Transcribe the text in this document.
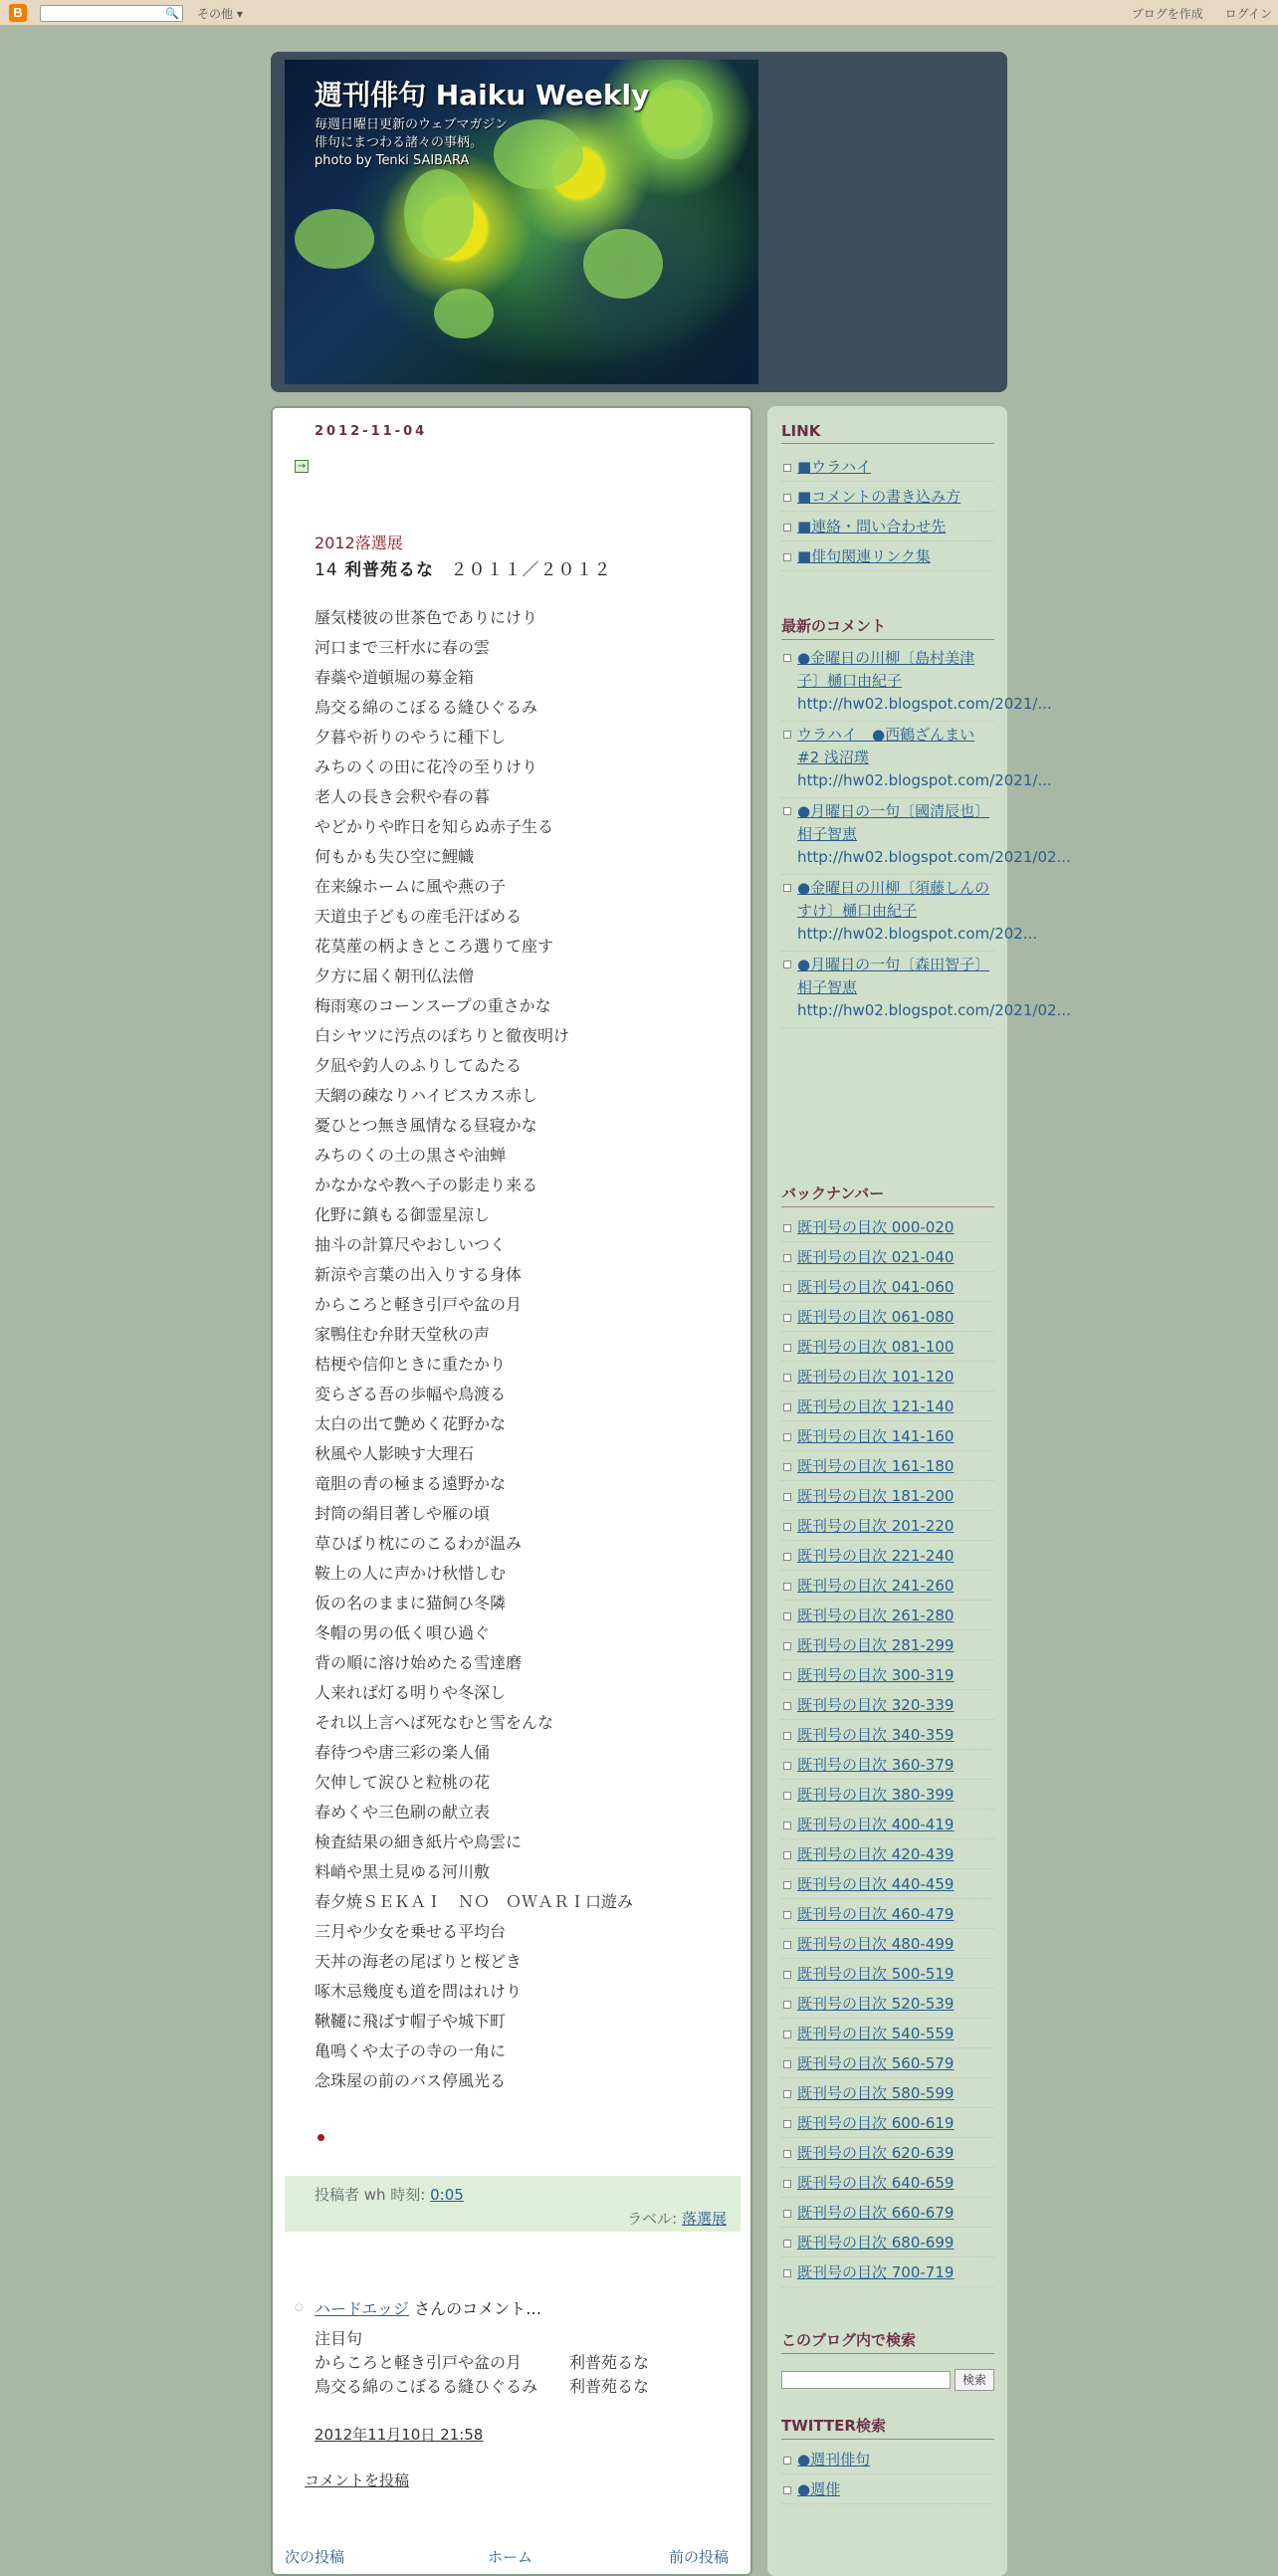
B	🔍 その他 ▾	ブログを作成 ログイン
週刊俳句 Haiku Weekly
毎週日曜日更新のウェブマガジン
俳句にまつわる諸々の事柄。
photo by Tenki SAIBARA
2012-11-04
→
2012落選展
14 利普苑るな ２０１１／２０１２
蜃気楼彼の世茶色でありにけり
河口まで三杆水に春の雲
春蘂や道頓堀の募金箱
鳥交る綿のこぼるる縫ひぐるみ
夕暮や祈りのやうに種下し
みちのくの田に花冷の至りけり
老人の長き会釈や春の暮
やどかりや昨日を知らぬ赤子生る
何もかも失ひ空に鯉幟
在来線ホームに風や燕の子
天道虫子どもの産毛汗ばめる
花茣蓙の柄よきところ選りて座す
夕方に届く朝刊仏法僧
梅雨寒のコーンスープの重さかな
白シヤツに汚点のぽちりと徹夜明け
夕凪や釣人のふりしてゐたる
天網の疎なりハイビスカス赤し
憂ひとつ無き風情なる昼寝かな
みちのくの土の黒さや油蝉
かなかなや教へ子の影走り来る
化野に鎮もる御霊星涼し
抽斗の計算尺やおしいつく
新涼や言葉の出入りする身体
からころと軽き引戸や盆の月
家鴨住む弁財天堂秋の声
桔梗や信仰ときに重たかり
変らざる吾の歩幅や鳥渡る
太白の出て艶めく花野かな
秋風や人影映す大理石
竜胆の青の極まる遠野かな
封筒の絹目著しや雁の頃
草ひばり枕にのこるわが温み
鞍上の人に声かけ秋惜しむ
仮の名のままに猫飼ひ冬隣
冬帽の男の低く唄ひ過ぐ
背の順に溶け始めたる雪達磨
人来れば灯る明りや冬深し
それ以上言へば死なむと雪をんな
春待つや唐三彩の楽人俑
欠伸して涙ひと粒桃の花
春めくや三色刷の献立表
検査結果の細き紙片や鳥雲に
料峭や黒土見ゆる河川敷
春夕焼ＳＥＫＡＩ　ＮＯ　ＯＷＡＲＩ口遊み
三月や少女を乗せる平均台
天丼の海老の尾ばりと桜どき
啄木忌幾度も道を問はれけり
鞦韆に飛ばす帽子や城下町
亀鳴くや太子の寺の一角に
念珠屋の前のバス停風光る
投稿者 wh 時刻: 0:05
ラベル: 落選展
◌ ハードエッジ さんのコメント…
注目句
からころと軽き引戸や盆の月　　　利普苑るな
鳥交る綿のこぼるる縫ひぐるみ　　利普苑るな
2012年11月10日 21:58
コメントを投稿
次の投稿	ホーム	前の投稿
LINK
■ウラハイ
■コメントの書き込み方
■連絡・問い合わせ先
■俳句関連リンク集
最新のコメント
●金曜日の川柳〔島村美津子〕樋口由紀子
http://hw02.blogspot.com/2021/...
ウラハイ　●西鶴ざんまい #2 浅沼璞
http://hw02.blogspot.com/2021/...
●月曜日の一句〔國清辰也〕相子智恵
http://hw02.blogspot.com/2021/02...
●金曜日の川柳〔須藤しんのすけ〕樋口由紀子
http://hw02.blogspot.com/202...
●月曜日の一句〔森田智子〕相子智恵
http://hw02.blogspot.com/2021/02...
バックナンバー
既刊号の目次 000-020
既刊号の目次 021-040
既刊号の目次 041-060
既刊号の目次 061-080
既刊号の目次 081-100
既刊号の目次 101-120
既刊号の目次 121-140
既刊号の目次 141-160
既刊号の目次 161-180
既刊号の目次 181-200
既刊号の目次 201-220
既刊号の目次 221-240
既刊号の目次 241-260
既刊号の目次 261-280
既刊号の目次 281-299
既刊号の目次 300-319
既刊号の目次 320-339
既刊号の目次 340-359
既刊号の目次 360-379
既刊号の目次 380-399
既刊号の目次 400-419
既刊号の目次 420-439
既刊号の目次 440-459
既刊号の目次 460-479
既刊号の目次 480-499
既刊号の目次 500-519
既刊号の目次 520-539
既刊号の目次 540-559
既刊号の目次 560-579
既刊号の目次 580-599
既刊号の目次 600-619
既刊号の目次 620-639
既刊号の目次 640-659
既刊号の目次 660-679
既刊号の目次 680-699
既刊号の目次 700-719
このブログ内で検索
検索
TWITTER検索
●週刊俳句
●週俳
